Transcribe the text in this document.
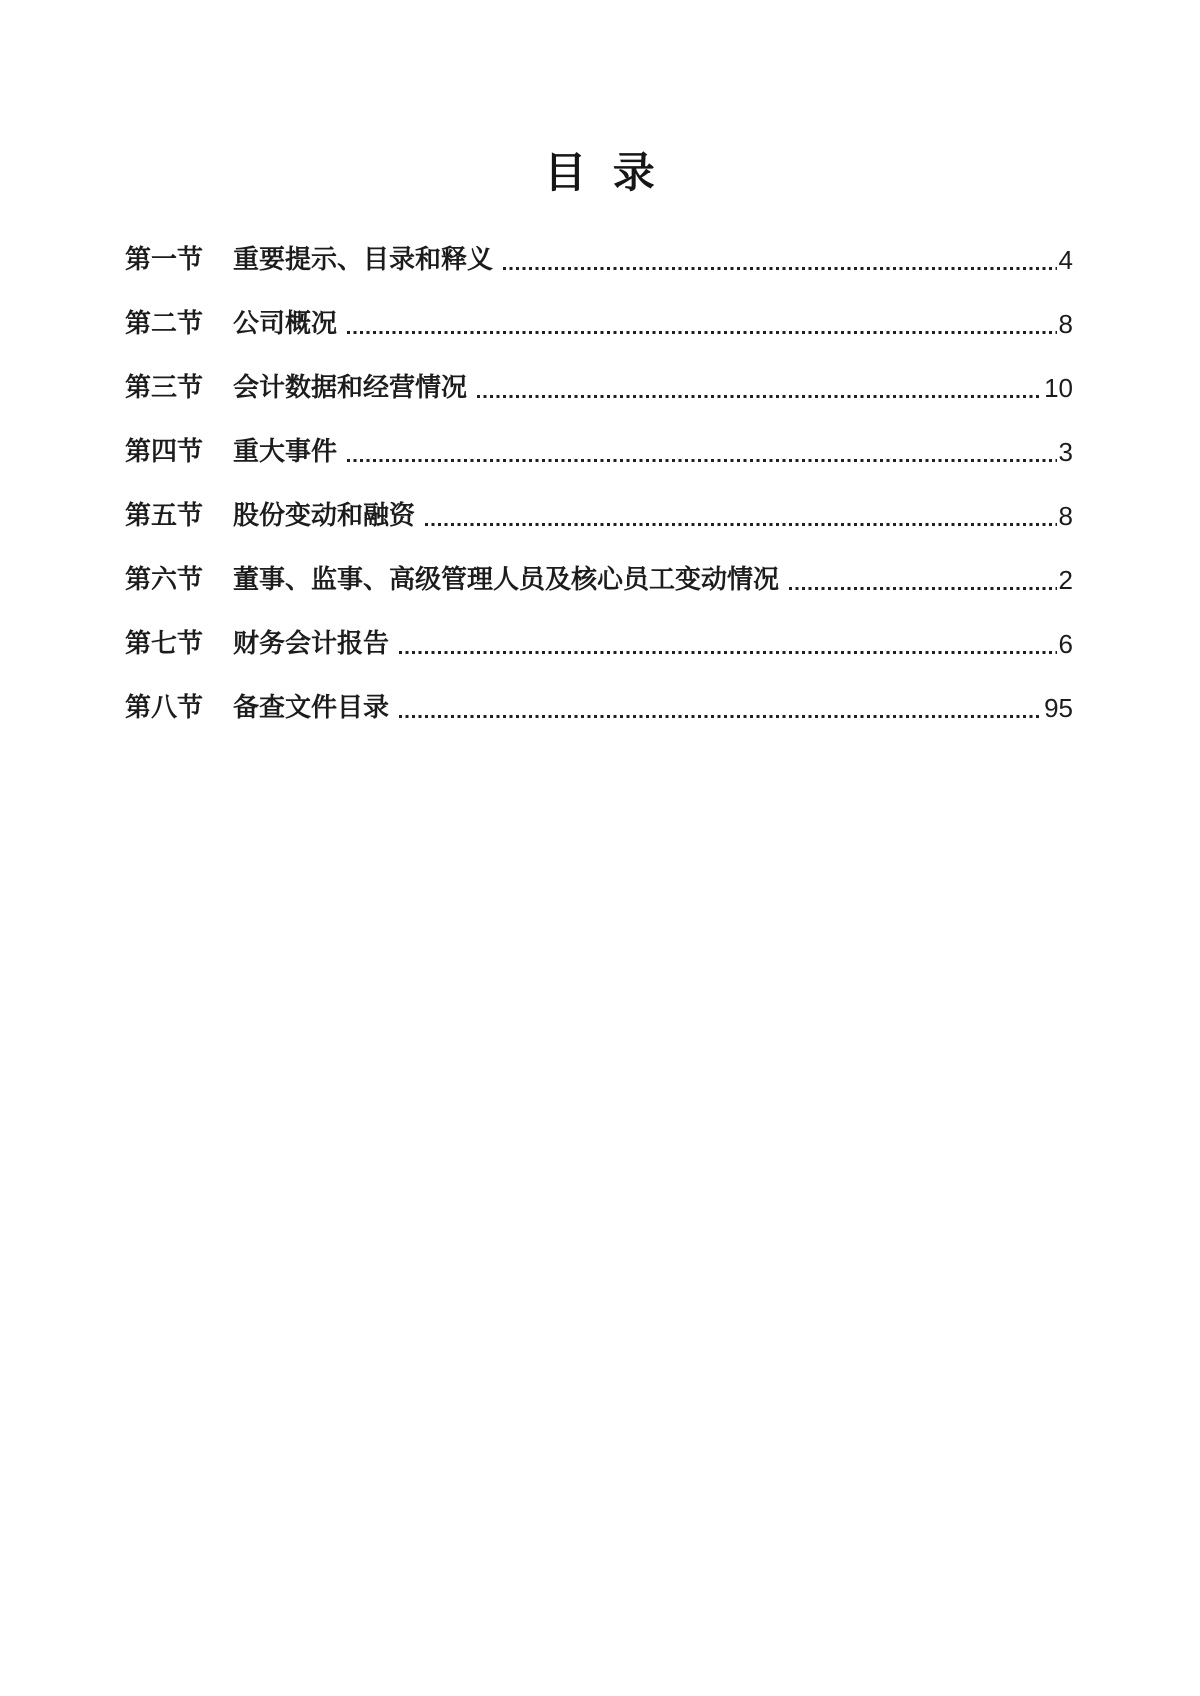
目 录
第一节	重要提示、目录和释义	4
第二节	公司概况	8
第三节	会计数据和经营情况	10
第四节	重大事件	3
第五节	股份变动和融资	8
第六节	董事、监事、高级管理人员及核心员工变动情况	2
第七节	财务会计报告	6
第八节	备查文件目录	95
